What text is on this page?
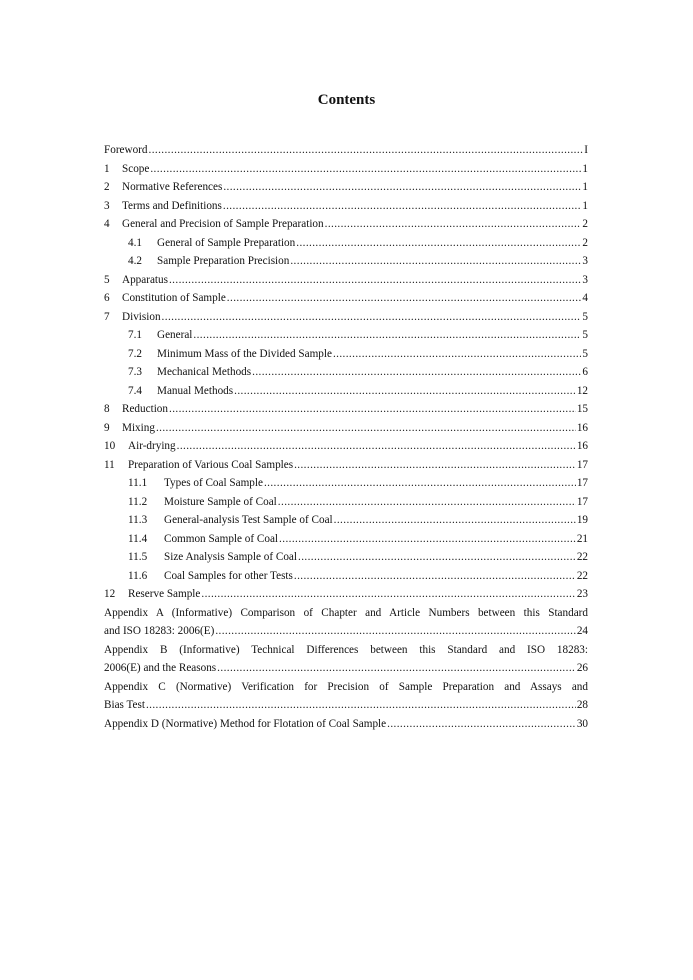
Contents
Foreword .....	I
1	Scope .....	1
2	Normative References .....	1
3	Terms and Definitions .....	1
4	General and Precision of Sample Preparation .....	2
4.1	General of Sample Preparation .....	2
4.2	Sample Preparation Precision .....	3
5	Apparatus .....	3
6	Constitution of Sample .....	4
7	Division .....	5
7.1	General .....	5
7.2	Minimum Mass of the Divided Sample .....	5
7.3	Mechanical Methods .....	6
7.4	Manual Methods .....	12
8	Reduction .....	15
9	Mixing .....	16
10	Air-drying .....	16
11	Preparation of Various Coal Samples .....	17
11.1	Types of Coal Sample .....	17
11.2	Moisture Sample of Coal .....	17
11.3	General-analysis Test Sample of Coal .....	19
11.4	Common Sample of Coal .....	21
11.5	Size Analysis Sample of Coal .....	22
11.6	Coal Samples for other Tests .....	22
12	Reserve Sample .....	23
Appendix A (Informative) Comparison of Chapter and Article Numbers between this Standard
and ISO 18283: 2006(E) .....	24
Appendix B (Informative) Technical Differences between this Standard and ISO 18283:
2006(E) and the Reasons .....	26
Appendix C (Normative) Verification for Precision of Sample Preparation and Assays and
Bias Test .....	28
Appendix D (Normative) Method for Flotation of Coal Sample .....	30
